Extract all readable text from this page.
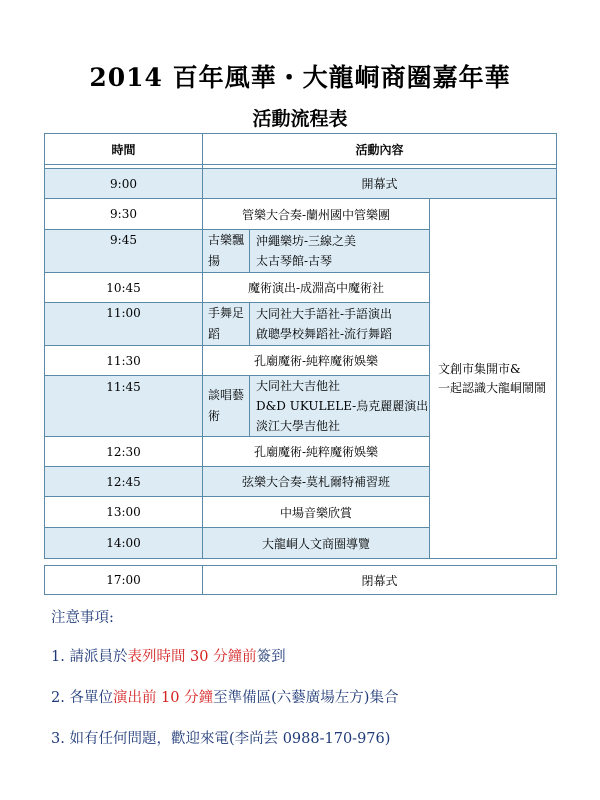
2014 百年風華・大龍峒商圈嘉年華
活動流程表
時間	活動內容		

9:00	開幕式		
9:30	管樂大合奏-蘭州國中管樂團		文創市集開市&
一起認識大龍峒鬧鬧

9:45	古樂飄揚	沖繩樂坊-三線之美
太古琴館-古琴	

10:45	魔術演出-成淵高中魔術社		
11:00	手舞足蹈	大同社大手語社-手語演出
啟聰學校舞蹈社-流行舞蹈	

11:30	孔廟魔術-純粹魔術娛樂		
11:45	談唱藝術	大同社大吉他社
D&D UKULELE-烏克麗麗演出
淡江大學吉他社	

12:30	孔廟魔術-純粹魔術娛樂		
12:45	弦樂大合奏-莫札爾特補習班		
13:00	中場音樂欣賞		
14:00	大龍峒人文商圈導覽		
17:00	閉幕式
注意事項:
1. 請派員於表列時間 30 分鐘前簽到
2. 各單位演出前 10 分鐘至準備區(六藝廣場左方)集合
3. 如有任何問題，歡迎來電(李尚芸 0988-170-976)
